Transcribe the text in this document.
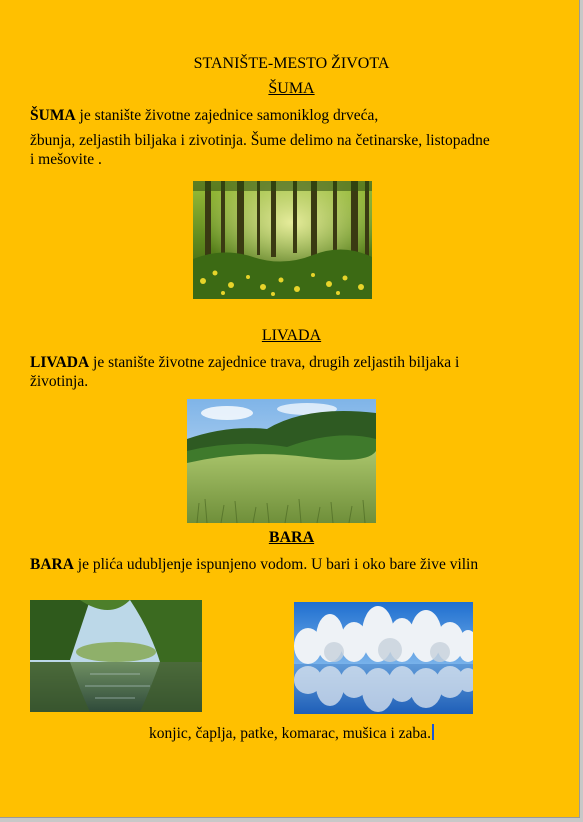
STANIŠTE-MESTO ŽIVOTA
ŠUMA
ŠUMA je stanište životne zajednice samoniklog drveća,
žbunja, zeljastih biljaka i zivotinja. Šume delimo na četinarske, listopadne
i mešovite .
LIVADA
LIVADA je stanište životne zajednice trava, drugih zeljastih biljaka i
životinja.
BARA
BARA je plića udubljenje ispunjeno vodom. U bari i oko bare žive vilin
konjic, čaplja, patke, komarac, mušica i zaba.
